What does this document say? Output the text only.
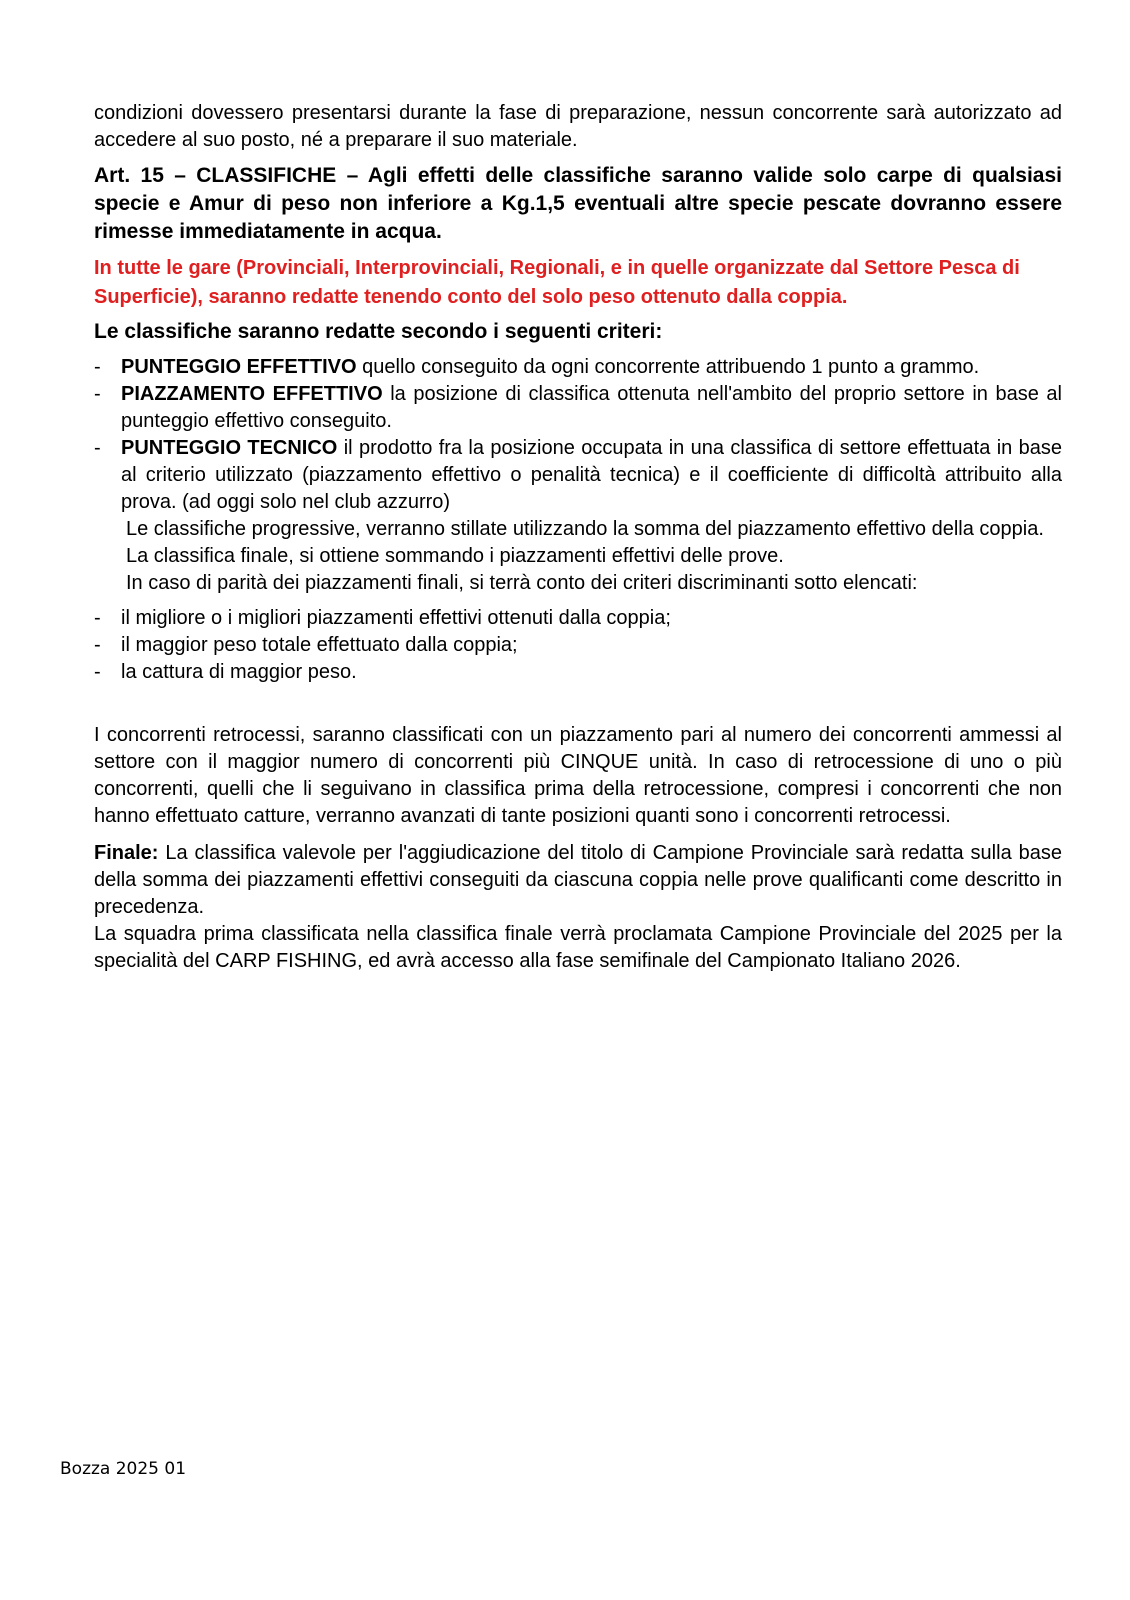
condizioni dovessero presentarsi durante la fase di preparazione, nessun concorrente sarà autorizzato ad accedere al suo posto, né a preparare il suo materiale.

Art. 15 – CLASSIFICHE – Agli effetti delle classifiche saranno valide solo carpe di qualsiasi specie e Amur di peso non inferiore a Kg.1,5 eventuali altre specie pescate dovranno essere rimesse immediatamente in acqua.

In tutte le gare (Provinciali, Interprovinciali, Regionali, e in quelle organizzate dal Settore Pesca di Superficie), saranno redatte tenendo conto del solo peso ottenuto dalla coppia.

Le classifiche saranno redatte secondo i seguenti criteri:

-	PUNTEGGIO EFFETTIVO quello conseguito da ogni concorrente attribuendo 1 punto a grammo.
-	PIAZZAMENTO EFFETTIVO la posizione di classifica ottenuta nell'ambito del proprio settore in base al punteggio effettivo conseguito.
-	PUNTEGGIO TECNICO il prodotto fra la posizione occupata in una classifica di settore effettuata in base al criterio utilizzato (piazzamento effettivo o penalità tecnica) e il coefficiente di difficoltà attribuito alla prova. (ad oggi solo nel club azzurro)

Le classifiche progressive, verranno stillate utilizzando la somma del piazzamento effettivo della coppia.

La classifica finale, si ottiene sommando i piazzamenti effettivi delle prove.

In caso di parità dei piazzamenti finali, si terrà conto dei criteri discriminanti sotto elencati:

-	il migliore o i migliori piazzamenti effettivi ottenuti dalla coppia;
-	il maggior peso totale effettuato dalla coppia;
-	la cattura di maggior peso.

I concorrenti retrocessi, saranno classificati con un piazzamento pari al numero dei concorrenti ammessi al settore con il maggior numero di concorrenti più CINQUE unità. In caso di retrocessione di uno o più concorrenti, quelli che li seguivano in classifica prima della retrocessione, compresi i concorrenti che non hanno effettuato catture, verranno avanzati di tante posizioni quanti sono i concorrenti retrocessi.

Finale: La classifica valevole per l'aggiudicazione del titolo di Campione Provinciale sarà redatta sulla base della somma dei piazzamenti effettivi conseguiti da ciascuna coppia nelle prove qualificanti come descritto in precedenza.

La squadra prima classificata nella classifica finale verrà proclamata Campione Provinciale del 2025 per la specialità del CARP FISHING, ed avrà accesso alla fase semifinale del Campionato Italiano 2026.

Bozza 2025 01
